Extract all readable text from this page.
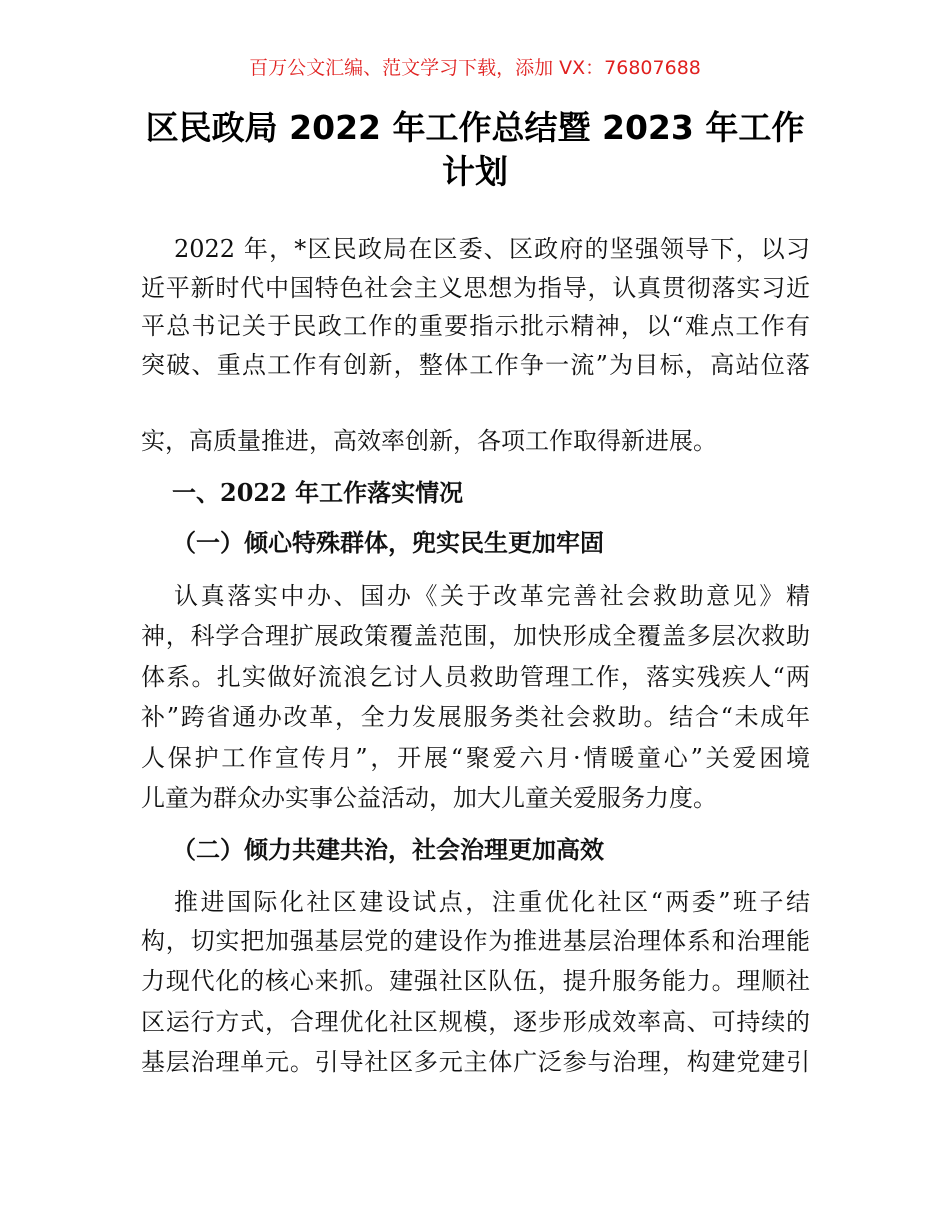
百万公文汇编、范文学习下载，添加 VX：76807688
区民政局 2022 年工作总结暨 2023 年工作
计划
2022 年，*区民政局在区委、区政府的坚强领导下，以习
近平新时代中国特色社会主义思想为指导，认真贯彻落实习近
平总书记关于民政工作的重要指示批示精神，以“难点工作有
突破、重点工作有创新，整体工作争一流”为目标，高站位落
实，高质量推进，高效率创新，各项工作取得新进展。
一、2022 年工作落实情况
（一）倾心特殊群体，兜实民生更加牢固
认真落实中办、国办《关于改革完善社会救助意见》精
神，科学合理扩展政策覆盖范围，加快形成全覆盖多层次救助
体系。扎实做好流浪乞讨人员救助管理工作，落实残疾人“两
补”跨省通办改革，全力发展服务类社会救助。结合“未成年
人保护工作宣传月”，开展“聚爱六月·情暖童心”关爱困境
儿童为群众办实事公益活动，加大儿童关爱服务力度。
（二）倾力共建共治，社会治理更加高效
推进国际化社区建设试点，注重优化社区“两委”班子结
构，切实把加强基层党的建设作为推进基层治理体系和治理能
力现代化的核心来抓。建强社区队伍，提升服务能力。理顺社
区运行方式，合理优化社区规模，逐步形成效率高、可持续的
基层治理单元。引导社区多元主体广泛参与治理，构建党建引
